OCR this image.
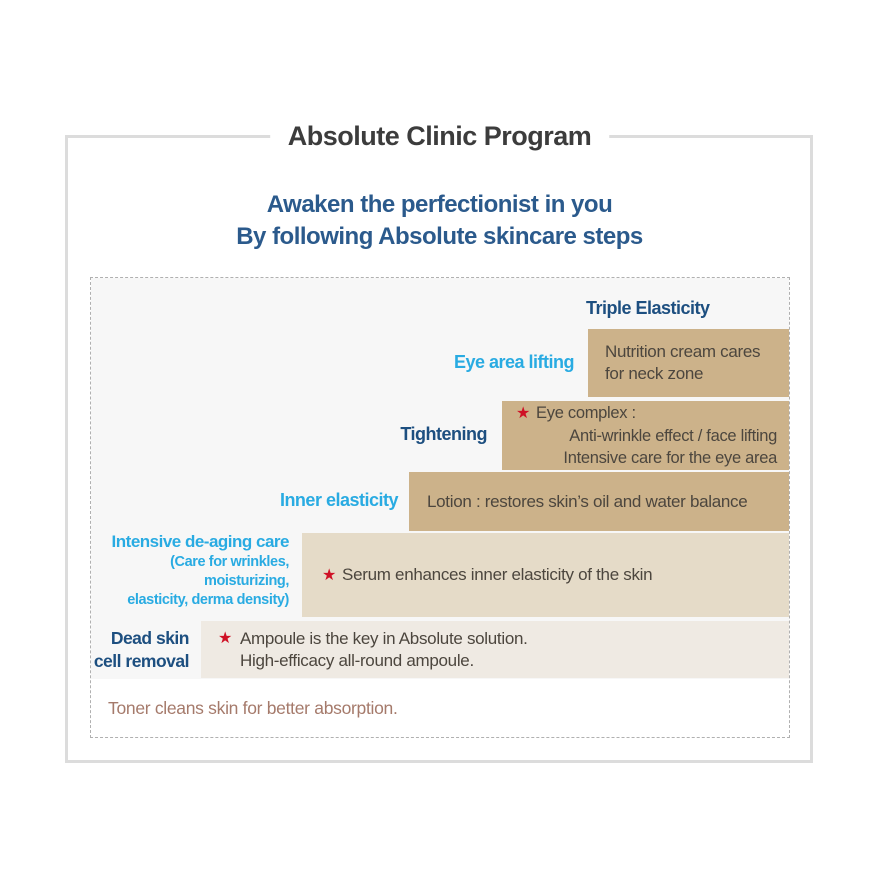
Absolute Clinic Program
Awaken the perfectionist in you
By following Absolute skincare steps
Triple Elasticity
Eye area lifting
Nutrition cream cares
for neck zone
Tightening
★ Eye complex :
Anti-wrinkle effect / face lifting
Intensive care for the eye area
Inner elasticity Lotion : restores skin’s oil and water balance
Intensive de-aging care
(Care for wrinkles,
moisturizing,
elasticity, derma density)
★ Serum enhances inner elasticity of the skin
Dead skin
cell removal
★ Ampoule is the key in Absolute solution.
High-efficacy all-round ampoule.
Toner cleans skin for better absorption.
